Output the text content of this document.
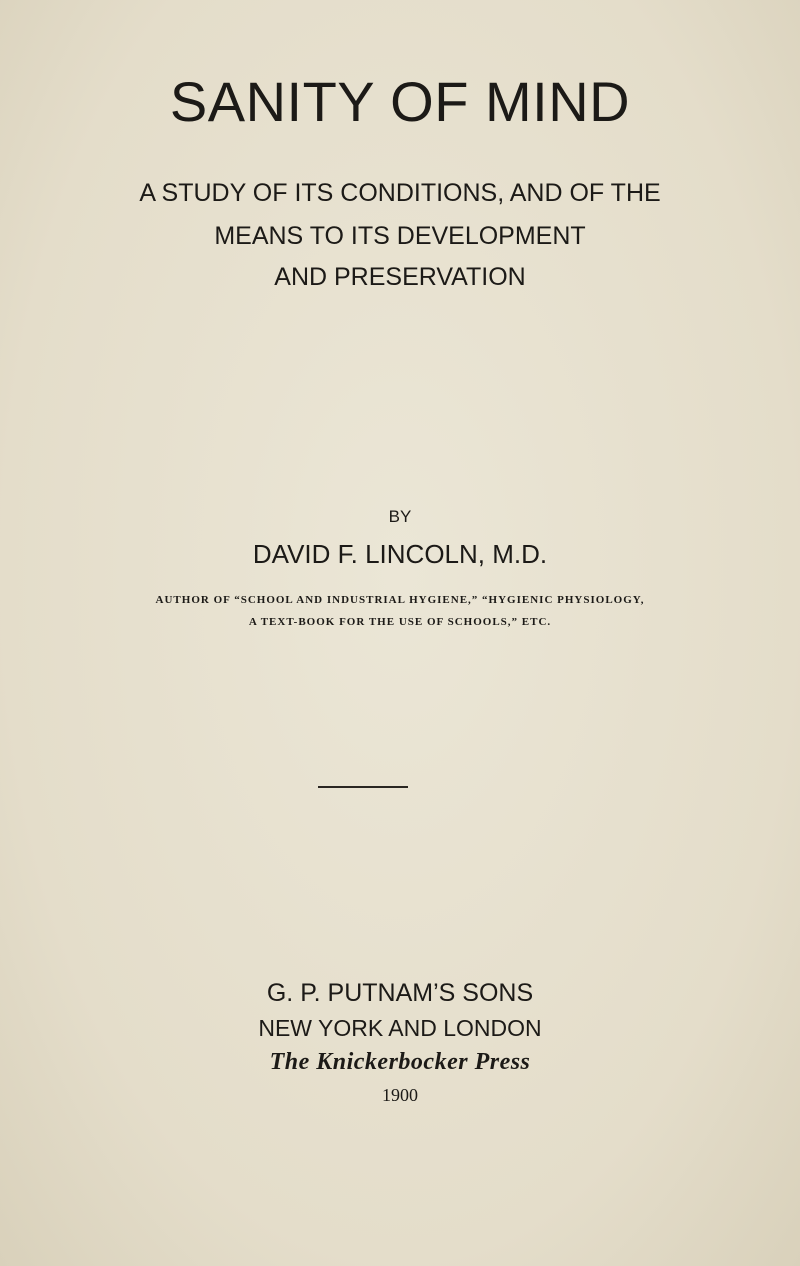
SANITY OF MIND
A STUDY OF ITS CONDITIONS, AND OF THE
MEANS TO ITS DEVELOPMENT
AND PRESERVATION
BY
DAVID F. LINCOLN, M.D.
AUTHOR OF “SCHOOL AND INDUSTRIAL HYGIENE,” “HYGIENIC PHYSIOLOGY,
A TEXT-BOOK FOR THE USE OF SCHOOLS,” ETC.
G. P. PUTNAM’S SONS
NEW YORK AND LONDON
The Knickerbocker Press
1900
